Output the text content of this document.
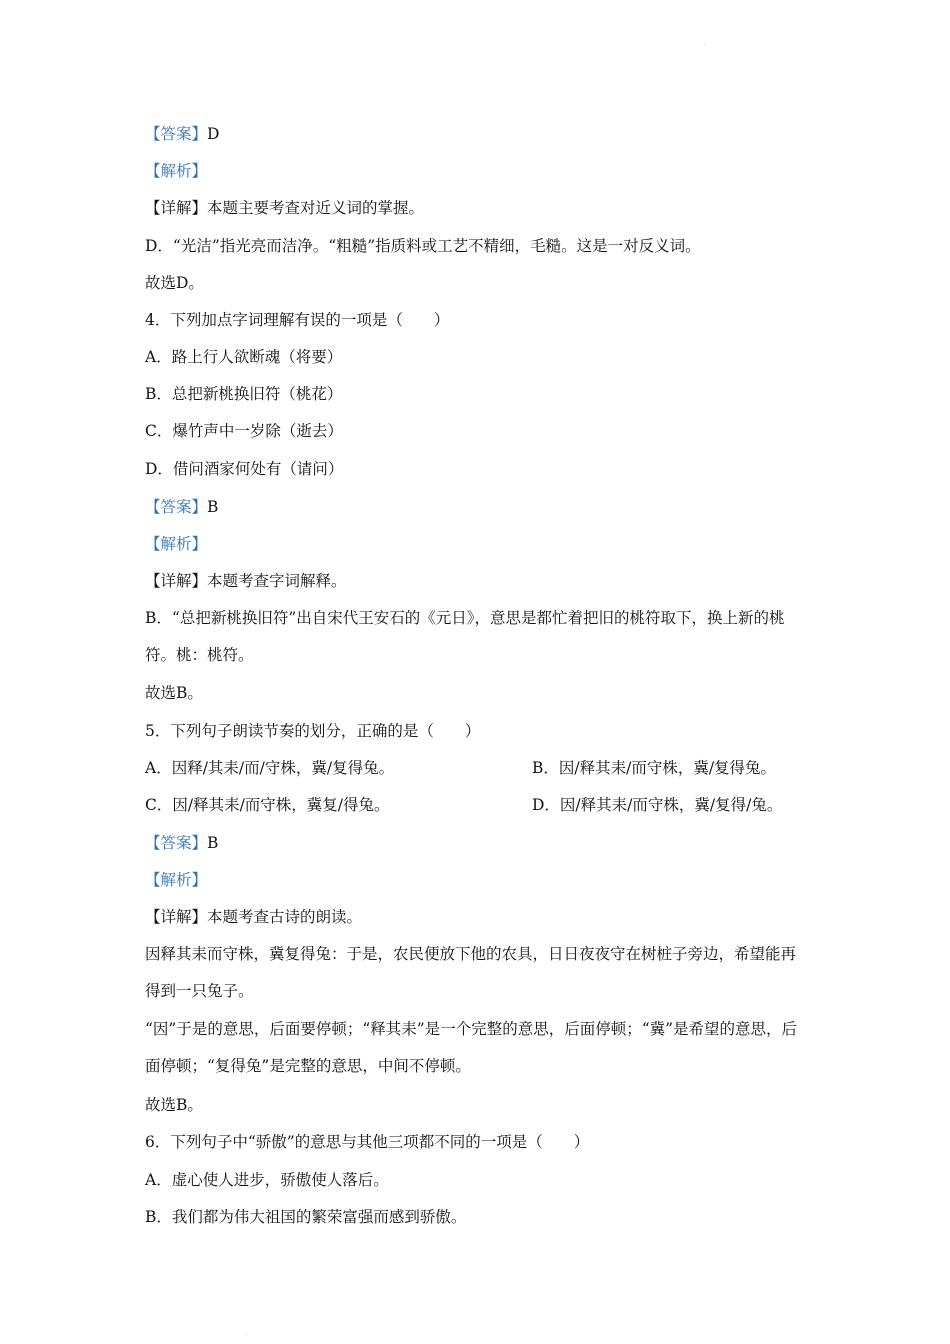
.
【答案】D
【解析】
【详解】本题主要考查对近义词的掌握。
D．“光洁”指光亮而洁净。“粗糙”指质料或工艺不精细，毛糙。这是一对反义词。
故选D。
4．下列加点字词理解有误的一项是（　　）
A．路上行人欲断魂（将要）
B．总把新桃换旧符（桃花）
C．爆竹声中一岁除（逝去）
D．借问酒家何处有（请问）
【答案】B
【解析】
【详解】本题考查字词解释。
B．“总把新桃换旧符”出自宋代王安石的《元日》，意思是都忙着把旧的桃符取下，换上新的桃符。桃：桃符。
故选B。
5．下列句子朗读节奏的划分，正确的是（　　）
A．因释/其耒/而/守株，冀/复得兔。	B．因/释其耒/而守株，冀/复得兔。
C．因/释其耒/而守株，冀复/得兔。	D．因/释其耒/而守株，冀/复得/兔。
【答案】B
【解析】
【详解】本题考查古诗的朗读。
因释其耒而守株，冀复得兔：于是，农民便放下他的农具，日日夜夜守在树桩子旁边，希望能再得到一只兔子。
“因”于是的意思，后面要停顿；“释其耒”是一个完整的意思，后面停顿；“冀”是希望的意思，后面停顿；“复得兔”是完整的意思，中间不停顿。
故选B。
6．下列句子中“骄傲”的意思与其他三项都不同的一项是（　　）
A．虚心使人进步，骄傲使人落后。
B．我们都为伟大祖国的繁荣富强而感到骄傲。
.
